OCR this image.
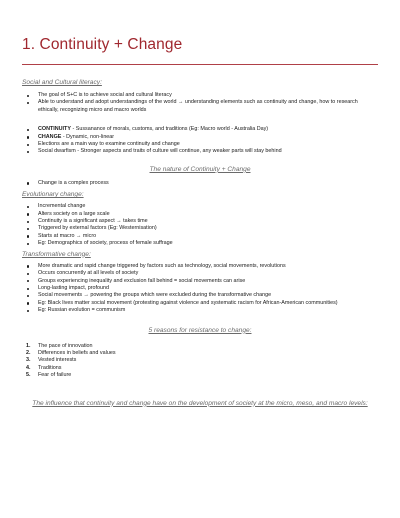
1. Continuity + Change
Social and Cultural literacy:
The goal of S+C is to achieve social and cultural literacy
Able to understand and adopt understandings of the world → understanding elements such as continuity and change, how to research ethically, recognizing micro and macro worlds
CONTINUITY - Sussanance of morals, customs, and traditions (Eg: Macro world - Australia Day)
CHANGE - Dynamic, non-linear
Elections are a main way to examine continuity and change
Social dwarfism - Stronger aspects and traits of culture will continue, any weaker parts will stay behind
The nature of Continuity + Change
Change is a complex process
Evolutionary change:
Incremental change
Alters society on a large scale
Continuity is a significant aspect → takes time
Triggered by external factors (Eg: Westernisation)
Starts at macro → micro
Eg: Demographics of society, process of female suffrage
Transformative change:
More dramatic and rapid change triggered by factors such as technology, social movements, revolutions
Occurs concurrently at all levels of society
Groups experiencing inequality and exclusion fall behind = social movements can arise
Long-lasting impact, profound
Social movements → powering the groups which were excluded during the transformative change
Eg: Black lives matter social movement (protesting against violence and systematic racism for African-American communities)
Eg: Russian evolution = communism
5 reasons for resistance to change:
1. The pace of innovation
2. Differences in beliefs and values
3. Vested interests
4. Traditions
5. Fear of failure
The influence that continuity and change have on the development of society at the micro, meso, and macro levels:
